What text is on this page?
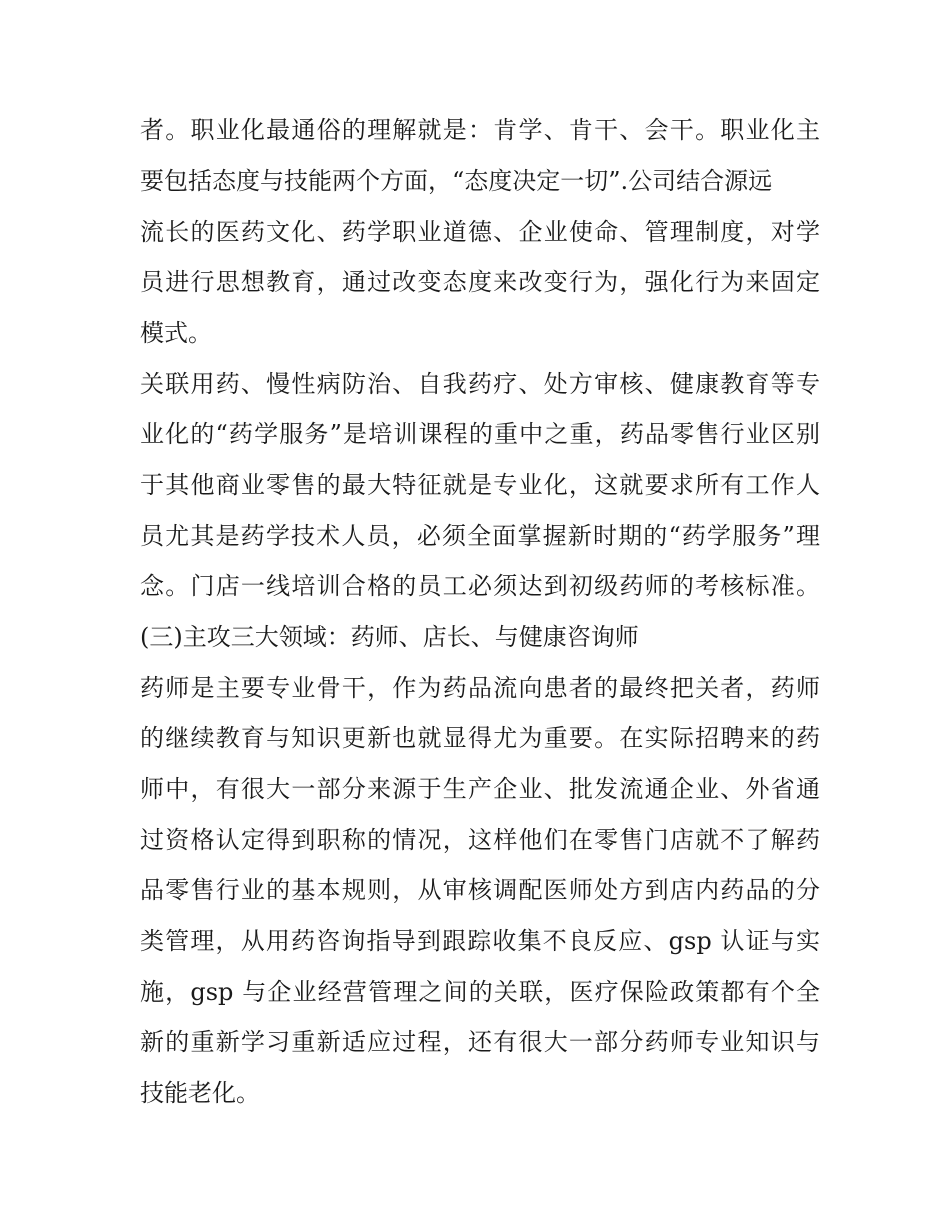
者。职业化最通俗的理解就是：肯学、肯干、会干。职业化主
要包括态度与技能两个方面，“态度决定一切”.公司结合源远
流长的医药文化、药学职业道德、企业使命、管理制度，对学
员进行思想教育，通过改变态度来改变行为，强化行为来固定
模式。
关联用药、慢性病防治、自我药疗、处方审核、健康教育等专
业化的“药学服务”是培训课程的重中之重，药品零售行业区别
于其他商业零售的最大特征就是专业化，这就要求所有工作人
员尤其是药学技术人员，必须全面掌握新时期的“药学服务”理
念。门店一线培训合格的员工必须达到初级药师的考核标准。
(三)主攻三大领域：药师、店长、与健康咨询师
药师是主要专业骨干，作为药品流向患者的最终把关者，药师
的继续教育与知识更新也就显得尤为重要。在实际招聘来的药
师中，有很大一部分来源于生产企业、批发流通企业、外省通
过资格认定得到职称的情况，这样他们在零售门店就不了解药
品零售行业的基本规则，从审核调配医师处方到店内药品的分
类管理，从用药咨询指导到跟踪收集不良反应、gsp 认证与实
施，gsp 与企业经营管理之间的关联，医疗保险政策都有个全
新的重新学习重新适应过程，还有很大一部分药师专业知识与
技能老化。
